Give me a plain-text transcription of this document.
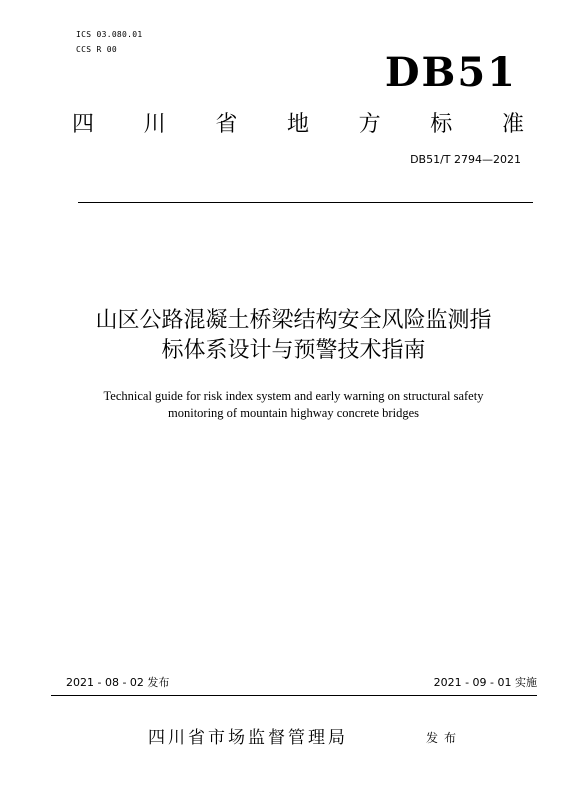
ICS 03.080.01
CCS R 00	DB51
四 川 省 地 方 标 准
DB51/T 2794—2021
山区公路混凝土桥梁结构安全风险监测指
标体系设计与预警技术指南
Technical guide for risk index system and early warning on structural safety
monitoring of mountain highway concrete bridges
2021 - 08 - 02 发布	2021 - 09 - 01 实施
四川省市场监督管理局	发布
